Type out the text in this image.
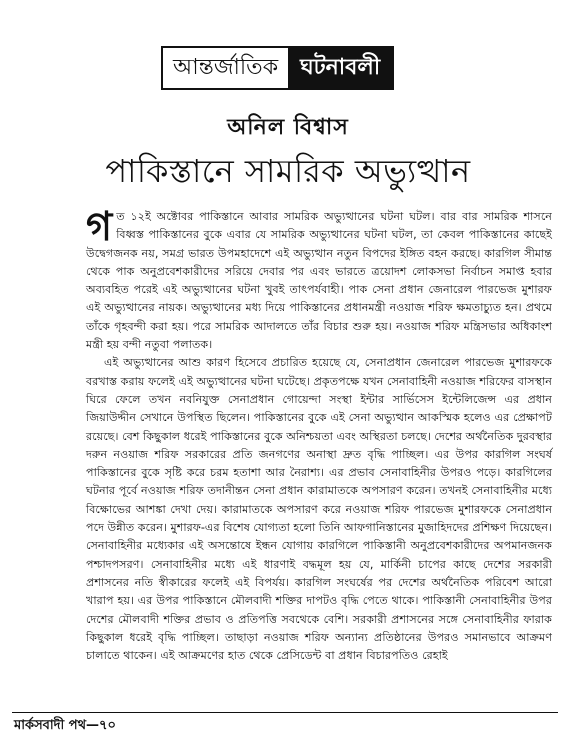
আন্তর্জাতিক	ঘটনাবলী
অনিল বিশ্বাস
পাকিস্তানে সামরিক অভ্যুত্থান

গত ১২ই অক্টোবর পাকিস্তানে আবার সামরিক অভ্যুত্থানের ঘটনা ঘটল। বার বার সামরিক শাসনে বিধ্বস্ত পাকিস্তানের বুকে এবার যে সামরিক অভ্যুত্থানের ঘটনা ঘটল, তা কেবল পাকিস্তানের কাছেই উদ্বেগজনক নয়, সমগ্র ভারত উপমহাদেশে এই অভ্যুত্থান নতুন বিপদের ইঙ্গিত বহন করছে। কারগিল সীমান্ত থেকে পাক অনুপ্রবেশকারীদের সরিয়ে দেবার পর এবং ভারতে ত্রয়োদশ লোকসভা নির্বাচন সমাপ্ত হবার অব্যবহিত পরেই এই অভ্যুত্থানের ঘটনা খুবই তাৎপর্যবাহী। পাক সেনা প্রধান জেনারেল পারভেজ মুশারফ এই অভ্যুত্থানের নায়ক। অভ্যুত্থানের মধ্য দিয়ে পাকিস্তানের প্রধানমন্ত্রী নওয়াজ শরিফ ক্ষমতাচ্যুত হন। প্রথমে তাঁকে গৃহবন্দী করা হয়। পরে সামরিক আদালতে তাঁর বিচার শুরু হয়। নওয়াজ শরিফ মন্ত্রিসভার অধিকাংশ মন্ত্রী হয় বন্দী নতুবা পলাতক।

এই অভ্যুত্থানের আশু কারণ হিসেবে প্রচারিত হয়েছে যে, সেনাপ্রধান জেনারেল পারভেজ মুশারফকে বরখাস্ত করায় ফলেই এই অভ্যুত্থানের ঘটনা ঘটেছে। প্রকৃতপক্ষে যখন সেনাবাহিনী নওয়াজ শরিফের বাসস্থান ঘিরে ফেলে তখন নবনিযুক্ত সেনাপ্রধান গোয়েন্দা সংস্থা ইন্টার সার্ভিসেস ইন্টেলিজেন্স এর প্রধান জিয়াউদ্দীন সেখানে উপস্থিত ছিলেন। পাকিস্তানের বুকে এই সেনা অভ্যুত্থান আকস্মিক হলেও এর প্রেক্ষাপট রয়েছে। বেশ কিছুকাল ধরেই পাকিস্তানের বুকে অনিশ্চয়তা এবং অস্থিরতা চলছে। দেশের অর্থনৈতিক দুরবস্থার দরুন নওয়াজ শরিফ সরকারের প্রতি জনগণের অনাস্থা দ্রুত বৃদ্ধি পাচ্ছিল। এর উপর কারগিল সংঘর্ষ পাকিস্তানের বুকে সৃষ্টি করে চরম হতাশা আর নৈরাশ্য। এর প্রভাব সেনাবাহিনীর উপরও পড়ে। কারগিলের ঘটনার পূর্বে নওয়াজ শরিফ তদানীন্তন সেনা প্রধান কারামাতকে অপসারণ করেন। তখনই সেনাবাহিনীর মধ্যে বিক্ষোভের আশঙ্কা দেখা দেয়। কারামাতকে অপসারণ করে নওয়াজ শরিফ পারভেজ মুশারফকে সেনাপ্রধান পদে উন্নীত করেন। মুশারফ-এর বিশেষ যোগ্যতা হলো তিনি আফগানিস্তানের মুজাহিদদের প্রশিক্ষণ দিয়েছেন। সেনাবাহিনীর মধ্যেকার এই অসন্তোষে ইন্ধন যোগায় কারগিলে পাকিস্তানী অনুপ্রবেশকারীদের অপমানজনক পশ্চাদপসরণ। সেনাবাহিনীর মধ্যে এই ধারণাই বদ্ধমূল হয় যে, মার্কিনী চাপের কাছে দেশের সরকারী প্রশাসনের নতি স্বীকারের ফলেই এই বিপর্যয়। কারগিল সংঘর্ষের পর দেশের অর্থনৈতিক পরিবেশ আরো খারাপ হয়। এর উপর পাকিস্তানে মৌলবাদী শক্তির দাপটও বৃদ্ধি পেতে থাকে। পাকিস্তানী সেনাবাহিনীর উপর দেশের মৌলবাদী শক্তির প্রভাব ও প্রতিপত্তি সবথেকে বেশি। সরকারী প্রশাসনের সঙ্গে সেনাবাহিনীর ফারাক কিছুকাল ধরেই বৃদ্ধি পাচ্ছিল। তাছাড়া নওয়াজ শরিফ অন্যান্য প্রতিষ্ঠানের উপরও সমানভাবে আক্রমণ চালাতে থাকেন। এই আক্রমণের হাত থেকে প্রেসিডেন্ট বা প্রধান বিচারপতিও রেহাই

মার্কসবাদী পথ—৭০
